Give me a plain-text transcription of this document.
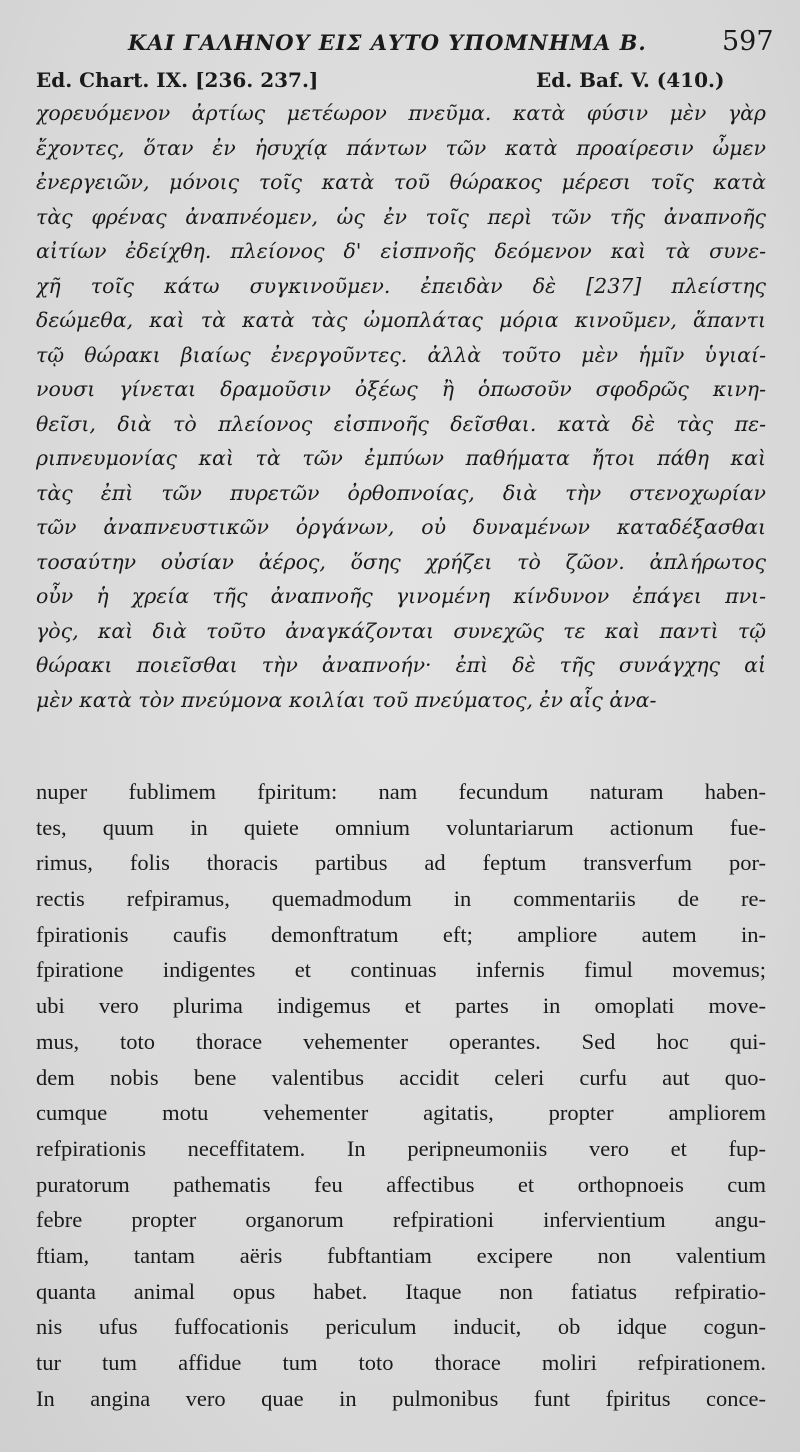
ΚΑΙ ΓΑΛΗΝΟΥ ΕΙΣ ΑΥΤΟ ΥΠΟΜΝΗΜΑ Β.	597
Ed. Chart. IX. [236. 237.]	Ed. Baf. V. (410.)
χορευόμενον ἀρτίως μετέωρον πνεῦμα. κατὰ φύσιν μὲν γὰρ
ἔχοντες, ὅταν ἐν ἡσυχίᾳ πάντων τῶν κατὰ προαίρεσιν ὦμεν
ἐνεργειῶν, μόνοις τοῖς κατὰ τοῦ θώρακος μέρεσι τοῖς κατὰ
τὰς φρένας ἀναπνέομεν, ὡς ἐν τοῖς περὶ τῶν τῆς ἀναπνοῆς
αἰτίων ἐδείχθη. πλείονος δ' εἰσπνοῆς δεόμενον καὶ τὰ συνε-
χῆ τοῖς κάτω συγκινοῦμεν. ἐπειδὰν δὲ [237] πλείστης
δεώμεθα, καὶ τὰ κατὰ τὰς ὠμοπλάτας μόρια κινοῦμεν, ἅπαντι
τῷ θώρακι βιαίως ἐνεργοῦντες. ἀλλὰ τοῦτο μὲν ἡμῖν ὑγιαί-
νουσι γίνεται δραμοῦσιν ὀξέως ἢ ὁπωσοῦν σφοδρῶς κινη-
θεῖσι, διὰ τὸ πλείονος εἰσπνοῆς δεῖσθαι. κατὰ δὲ τὰς πε-
ριπνευμονίας καὶ τὰ τῶν ἐμπύων παθήματα ἤτοι πάθη καὶ
τὰς ἐπὶ τῶν πυρετῶν ὀρθοπνοίας, διὰ τὴν στενοχωρίαν
τῶν ἀναπνευστικῶν ὀργάνων, οὐ δυναμένων καταδέξασθαι
τοσαύτην οὐσίαν ἀέρος, ὅσης χρήζει τὸ ζῶον. ἀπλήρωτος
οὖν ἡ χρεία τῆς ἀναπνοῆς γινομένη κίνδυνον ἐπάγει πνι-
γὸς, καὶ διὰ τοῦτο ἀναγκάζονται συνεχῶς τε καὶ παντὶ τῷ
θώρακι ποιεῖσθαι τὴν ἀναπνοήν· ἐπὶ δὲ τῆς συνάγχης αἱ
μὲν κατὰ τὸν πνεύμονα κοιλίαι τοῦ πνεύματος, ἐν αἷς ἀνα-
nuper fublimem fpiritum: nam fecundum naturam haben-
tes, quum in quiete omnium voluntariarum actionum fue-
rimus, folis thoracis partibus ad feptum transverfum por-
rectis refpiramus, quemadmodum in commentariis de re-
fpirationis caufis demonftratum eft; ampliore autem in-
fpiratione indigentes et continuas infernis fimul movemus;
ubi vero plurima indigemus et partes in omoplati move-
mus, toto thorace vehementer operantes. Sed hoc qui-
dem nobis bene valentibus accidit celeri curfu aut quo-
cumque motu vehementer agitatis, propter ampliorem
refpirationis neceffitatem. In peripneumoniis vero et fup-
puratorum pathematis feu affectibus et orthopnoeis cum
febre propter organorum refpirationi infervientium angu-
ftiam, tantam aëris fubftantiam excipere non valentium
quanta animal opus habet. Itaque non fatiatus refpiratio-
nis ufus fuffocationis periculum inducit, ob idque cogun-
tur tum affidue tum toto thorace moliri refpirationem.
In angina vero quae in pulmonibus funt fpiritus conce-
